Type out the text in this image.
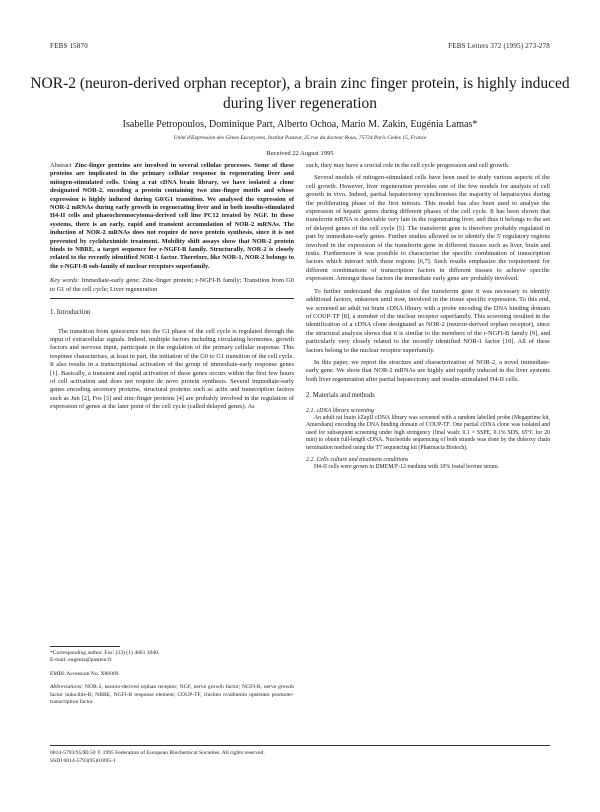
FEBS 15870	FEBS Letters 372 (1995) 273-278
NOR-2 (neuron-derived orphan receptor), a brain zinc finger protein, is highly induced during liver regeneration
Isabelle Petropoulos, Dominique Part, Alberto Ochoa, Mario M. Zakin, Eugénia Lamas*
Unité d'Expression des Gènes Eucaryotes, Institut Pasteur, 25 rue du docteur Roux, 75724 Paris Cedex 15, France
Received 22 August 1995

Abstract Zinc-finger proteins are involved in several cellular processes. Some of these proteins are implicated in the primary cellular response in regenerating liver and mitogen-stimulated cells. Using a rat cDNA brain library, we have isolated a clone designated NOR-2, encoding a protein containing two zinc-finger motifs and whose expression is highly induced during G0/G1 transition. We analysed the expression of NOR-2 mRNAs during early growth in regenerating liver and in both insulin-stimulated H4-II cells and phaeochromocytoma-derived cell line PC12 treated by NGF. In these systems, there is an early, rapid and transient accumulation of NOR-2 mRNAs. The induction of NOR-2 mRNAs does not require de novo protein synthesis, since it is not prevented by cycloheximide treatment. Mobility shift assays show that NOR-2 protein binds to NBRE, a target sequence for r-NGFI-B family. Structurally, NOR-2 is closely related to the recently identified NOR-1 factor. Therefore, like NOR-1, NOR-2 belongs to the r-NGFI-B sub-family of nuclear receptors superfamily.

Key words: Immediate-early gene; Zinc-finger protein; r-NGFI-B family; Transition from G0 to G1 of the cell cycle; Liver regeneration

1. Introduction

The transition from quiescence into the G1 phase of the cell cycle is regulated through the input of extracellular signals. Indeed, multiple factors including circulating hormones, growth factors and nervous input, participate in the regulation of the primary cellular response. This response characterises, at least in part, the initiation of the G0 to G1 transition of the cell cycle. It also results in a transcriptional activation of the group of immediate-early response genes [1]. Basically, a transient and rapid activation of these genes occurs within the first few hours of cell activation and does not require de novo protein synthesis. Several immediate-early genes encoding secretory proteins, structural proteins such as actin and transcription factors such as Jun [2], Fos [3] and zinc-finger proteins [4] are probably involved in the regulation of expression of genes at the later point of the cell cycle (called delayed genes). As

*Corresponding author. Fax: (33) (1) 4061 3040.

E-mail: eugenia@pasteur.fr

EMBL Accession No. X86009.

Abbreviations: NOR-2, neuron-derived orphan receptor; NGF, nerve growth factor; NGFI-B, nerve growth factor inducible-B; NBRE, NGFI-B response element; COUP-TF, chicken ovalbumin upstream promoter-transcription factor.

such, they may have a crucial role in the cell cycle progression and cell growth.

Several models of mitogen-stimulated cells have been used to study various aspects of the cell growth. However, liver regeneration provides one of the few models for analysis of cell growth in vivo. Indeed, partial hepatectomy synchronises the majority of hepatocytes during the proliferating phase of the first mitosis. This model has also been used to analyse the expression of hepatic genes during different phases of the cell cycle. It has been shown that transferrin mRNA is detectable very late in the regenerating liver, and thus it belongs to the set of delayed genes of the cell cycle [5]. The transferrin gene is therefore probably regulated in part by immediate-early genes. Further studies allowed us to identify the 5' regulatory regions involved in the expression of the transferrin gene in different tissues such as liver, brain and testis. Furthermore it was possible to characterise the specific combination of transcription factors which interact with these regions [6,7]. Such results emphasize the requirement for different combinations of transcription factors in different tissues to achieve specific expression. Amongst these factors the immediate early gene are probably involved.

To further understand the regulation of the transferrin gene it was necessary to identify additional factors, unknown until now, involved in the tissue specific expression. To this end, we screened an adult rat brain cDNA library with a probe encoding the DNA binding domain of COUP-TF [8], a member of the nuclear receptor superfamily. This screening resulted in the identification of a cDNA clone designated as NOR-2 (neuron-derived orphan receptor), since the structural analysis shows that it is similar to the members of the r-NGFI-B family [9], and particularly very closely related to the recently identified NOR-1 factor [10]. All of these factors belong to the nuclear receptor superfamily.

In this paper, we report the structure and characterization of NOR-2, a novel immediate-early gene. We show that NOR-2 mRNAs are highly and rapidly induced in the liver systems both liver regeneration after partial hepatectomy and insulin-stimulated H4-II cells.

2. Materials and methods

2.1. cDNA library screening

An adult rat brain λZapII cDNA library was screened with a random labelled probe (Megaprime kit, Amersham) encoding the DNA binding domain of COUP-TF. One partial cDNA clone was isolated and used for subsequent screening under high stringency (final wash: 0.1 × SSPE, 0.1% SDS, 65°C for 20 min) to obtain full-length cDNA. Nucleotide sequencing of both strands was done by the dideoxy chain termination method using the T7 sequencing kit (Pharmacia Biotech).

2.2. Cells culture and treatment conditions

H4-II cells were grown in DMEM/F-12 medium with 10% foetal bovine serum.

0014-5793/95/$9.50 © 1995 Federation of European Biochemical Societies. All rights reserved.
SSDI 0014-5793(95)01095-1
